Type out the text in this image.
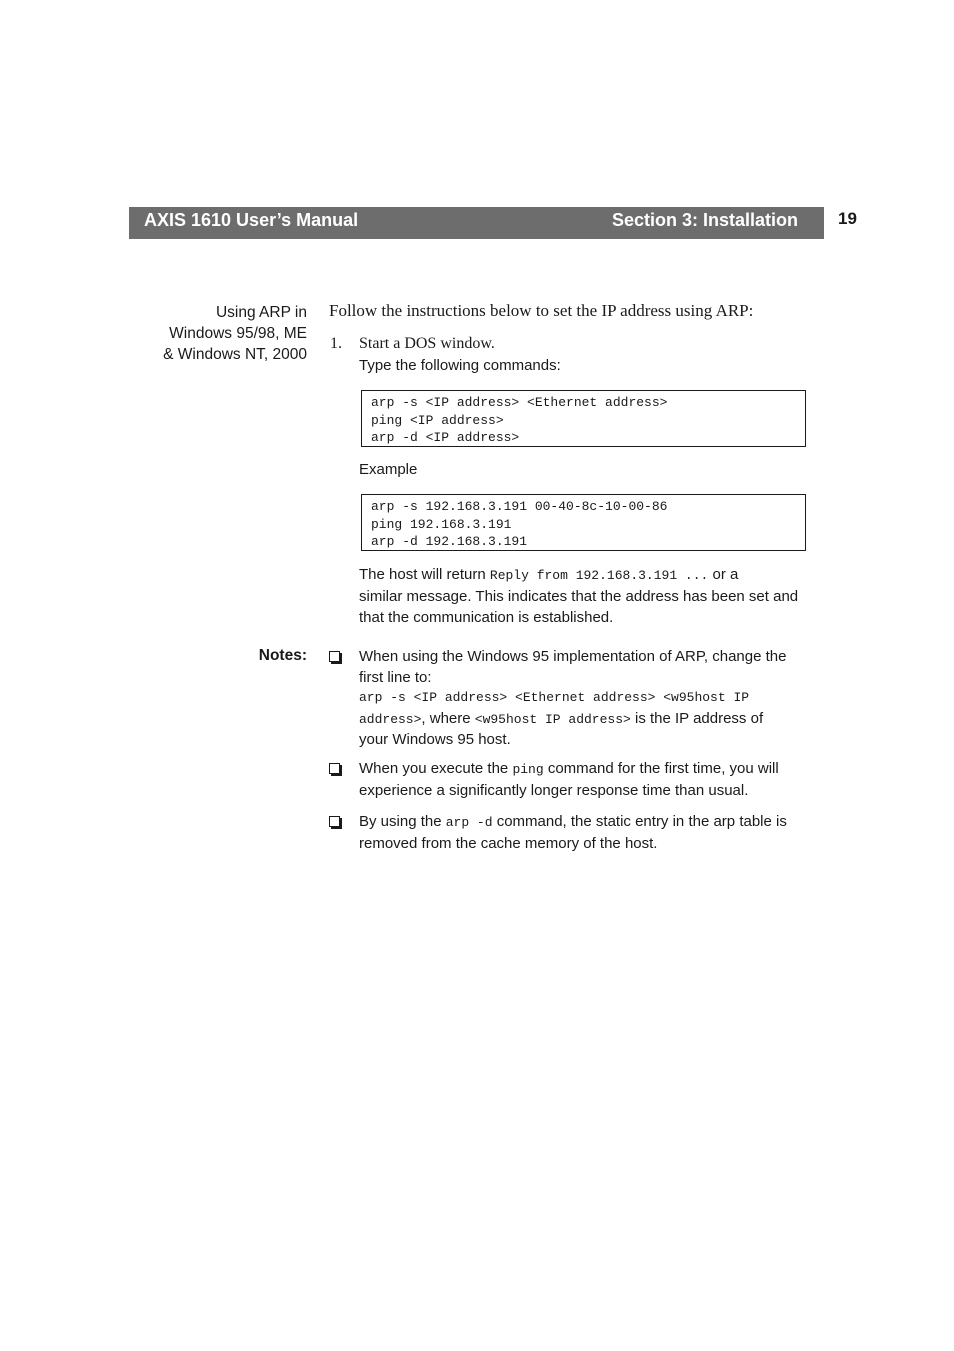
AXIS 1610 User’s Manual	Section 3: Installation 19
Using ARP in
Windows 95/98, ME
& Windows NT, 2000
Follow the instructions below to set the IP address using ARP:
1. Start a DOS window.
Type the following commands:
arp -s <IP address> <Ethernet address>
ping <IP address>
arp -d <IP address>
Example
arp -s 192.168.3.191 00-40-8c-10-00-86
ping 192.168.3.191
arp -d 192.168.3.191
The host will return Reply from 192.168.3.191 ... or a
similar message. This indicates that the address has been set and
that the communication is established.
Notes:	When using the Windows 95 implementation of ARP, change the
first line to:
arp -s <IP address> <Ethernet address> <w95host IP
address>, where <w95host IP address> is the IP address of
your Windows 95 host.
When you execute the ping command for the first time, you will
experience a significantly longer response time than usual.
By using the arp -d command, the static entry in the arp table is
removed from the cache memory of the host.
